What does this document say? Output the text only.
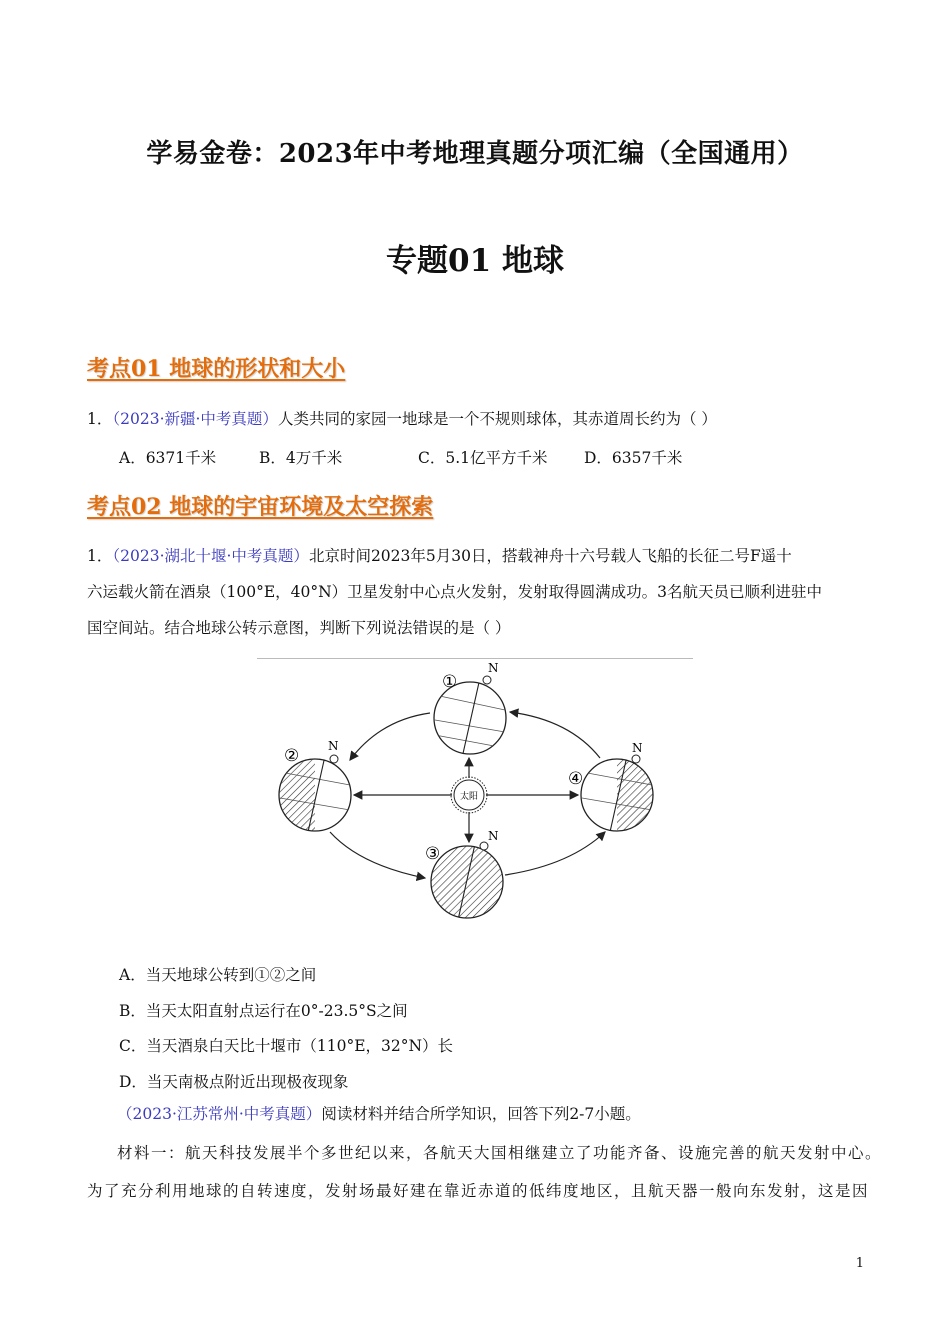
学易金卷：2023年中考地理真题分项汇编（全国通用）
专题01 地球
考点01 地球的形状和大小
1．（2023·新疆·中考真题）人类共同的家园一地球是一个不规则球体，其赤道周长约为（ ）
A．6371千米	B．4万千米	C．5.1亿平方千米 D．6357千米
考点02 地球的宇宙环境及太空探索
1．（2023·湖北十堰·中考真题）北京时间2023年5月30日，搭载神舟十六号载人飞船的长征二号F遥十
六运载火箭在酒泉（100°E，40°N）卫星发射中心点火发射，发射取得圆满成功。3名航天员已顺利进驻中
国空间站。结合地球公转示意图，判断下列说法错误的是（ ）
太阳
①
N
② N
③
N
④
N
A．当天地球公转到①②之间
B．当天太阳直射点运行在0°-23.5°S之间
C．当天酒泉白天比十堰市（110°E，32°N）长
D．当天南极点附近出现极夜现象
（2023·江苏常州·中考真题）阅读材料并结合所学知识，回答下列2-7小题。
材料一：航天科技发展半个多世纪以来，各航天大国相继建立了功能齐备、设施完善的航天发射中心。
为了充分利用地球的自转速度，发射场最好建在靠近赤道的低纬度地区，且航天器一般向东发射，这是因
1
